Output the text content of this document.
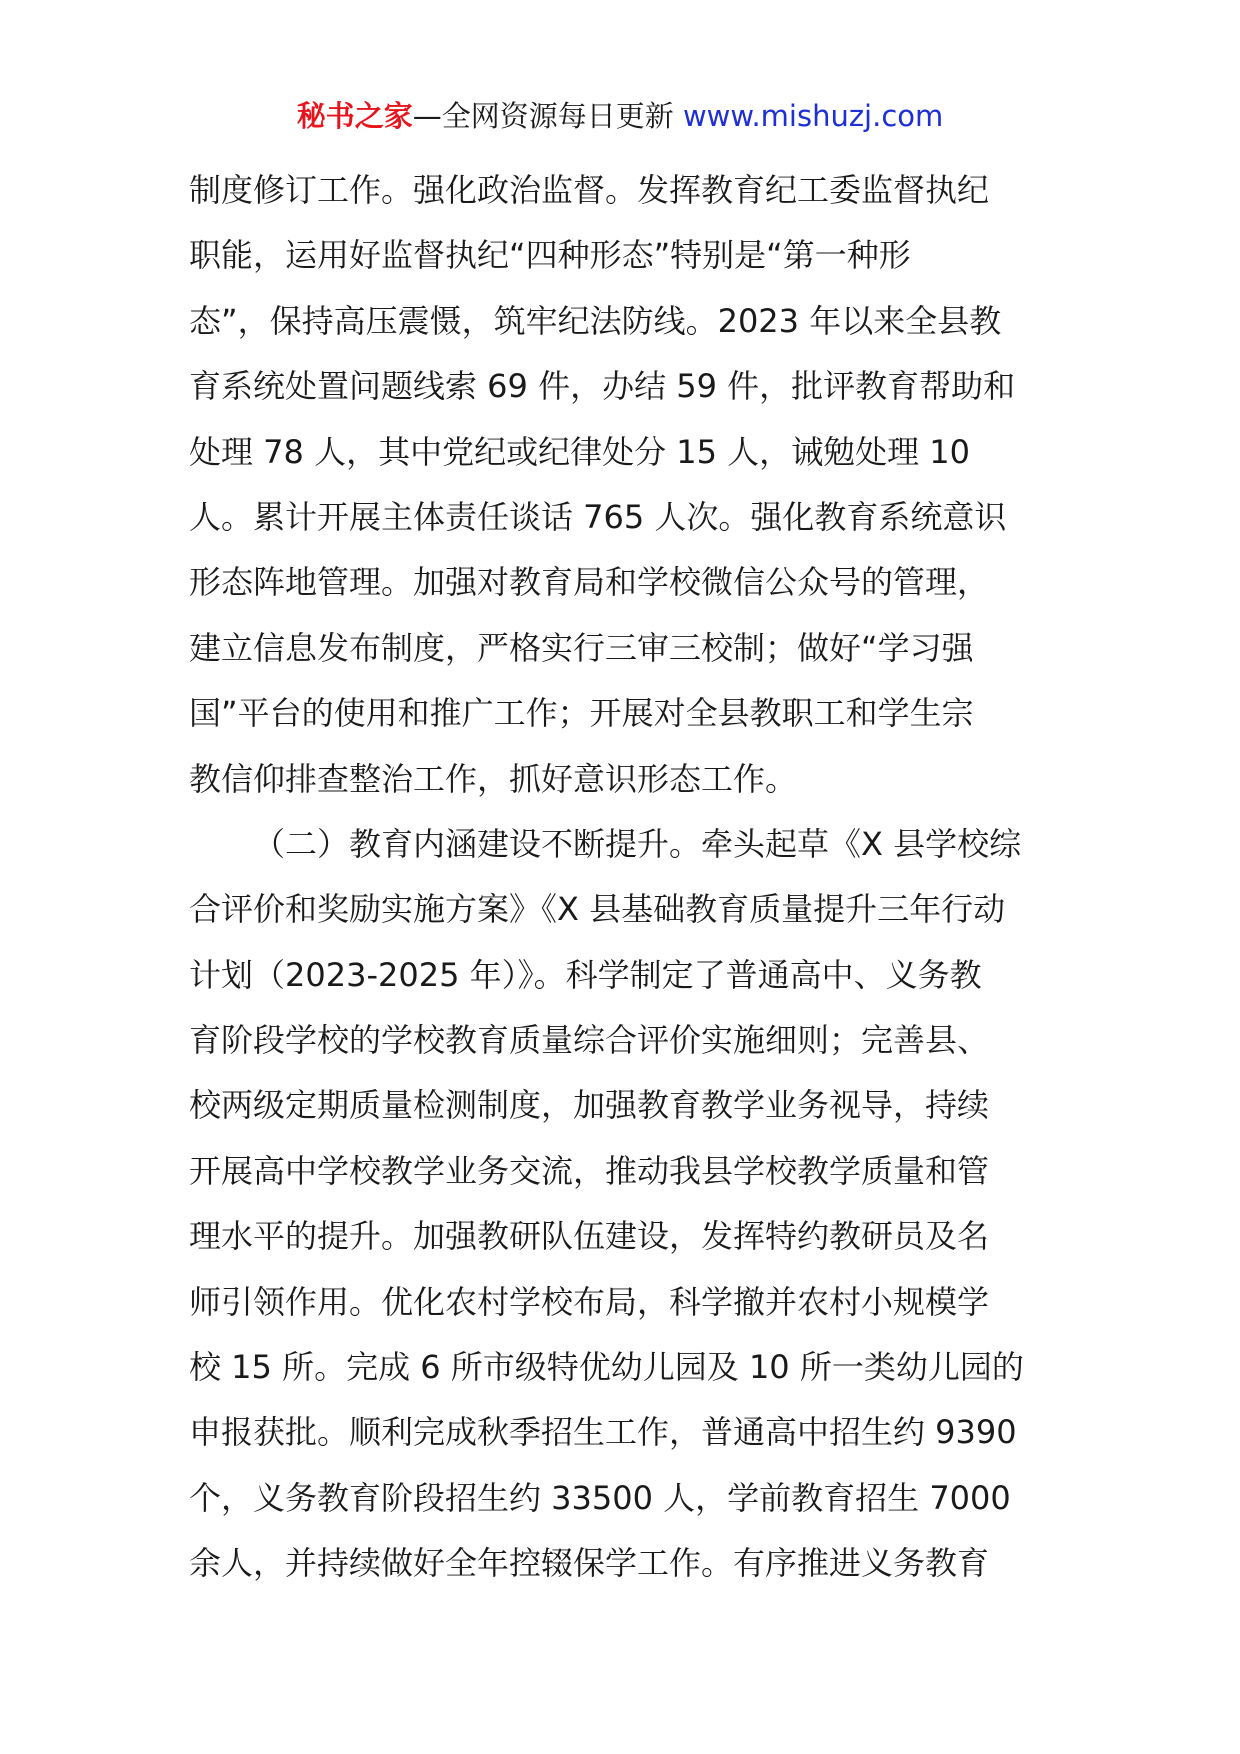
秘书之家—全网资源每日更新 www.mishuzj.com
制度修订工作。强化政治监督。发挥教育纪工委监督执纪
职能，运用好监督执纪“四种形态”特别是“第一种形
态”，保持高压震慑，筑牢纪法防线。2023 年以来全县教
育系统处置问题线索 69 件，办结 59 件，批评教育帮助和
处理 78 人，其中党纪或纪律处分 15 人，诫勉处理 10
人。累计开展主体责任谈话 765 人次。强化教育系统意识
形态阵地管理。加强对教育局和学校微信公众号的管理，
建立信息发布制度，严格实行三审三校制；做好“学习强
国”平台的使用和推广工作；开展对全县教职工和学生宗
教信仰排查整治工作，抓好意识形态工作。
（二）教育内涵建设不断提升。牵头起草《X 县学校综
合评价和奖励实施方案》《X 县基础教育质量提升三年行动
计划（2023-2025 年）》。科学制定了普通高中、义务教
育阶段学校的学校教育质量综合评价实施细则；完善县、
校两级定期质量检测制度，加强教育教学业务视导，持续
开展高中学校教学业务交流，推动我县学校教学质量和管
理水平的提升。加强教研队伍建设，发挥特约教研员及名
师引领作用。优化农村学校布局，科学撤并农村小规模学
校 15 所。完成 6 所市级特优幼儿园及 10 所一类幼儿园的
申报获批。顺利完成秋季招生工作，普通高中招生约 9390
个，义务教育阶段招生约 33500 人，学前教育招生 7000
余人，并持续做好全年控辍保学工作。有序推进义务教育
